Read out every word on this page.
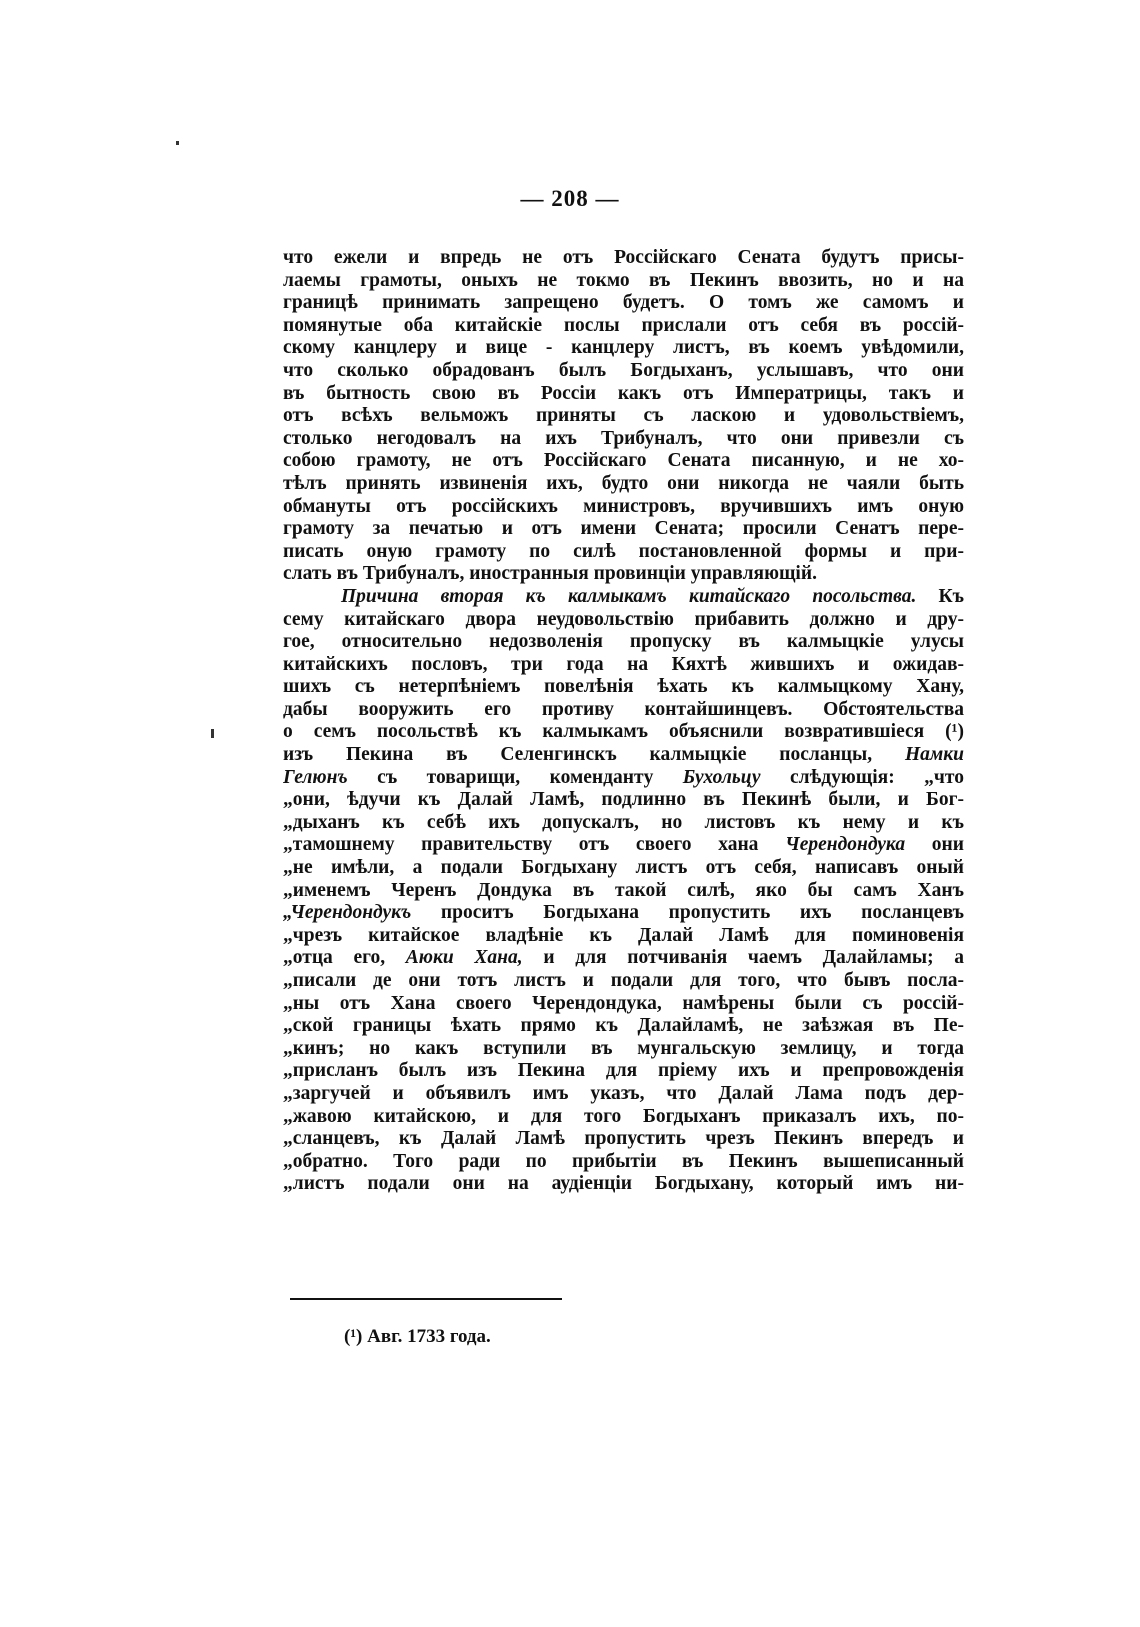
— 208 —
что ежели и впредь не отъ Россійскаго Сената будутъ присы-
лаемы грамоты, оныхъ не токмо въ Пекинъ ввозить, но и на
границѣ принимать запрещено будетъ. О томъ же самомъ и
помянутые оба китайскіе послы прислали отъ себя въ россій-
скому канцлеру и вице - канцлеру листъ, въ коемъ увѣдомили,
что сколько обрадованъ былъ Богдыханъ, услышавъ, что они
въ бытность свою въ Россіи какъ отъ Императрицы, такъ и
отъ всѣхъ вельможъ приняты съ ласкою и удовольствіемъ,
столько негодовалъ на ихъ Трибуналъ, что они привезли съ
собою грамоту, не отъ Россійскаго Сената писанную, и не хо-
тѣлъ принять извиненія ихъ, будто они никогда не чаяли быть
обмануты отъ россійскихъ министровъ, вручившихъ имъ оную
грамоту за печатью и отъ имени Сената; просили Сенатъ пере-
писать оную грамоту по силѣ постановленной формы и при-
слать въ Трибуналъ, иностранныя провинціи управляющій.
Причина вторая къ калмыкамъ китайскаго посольства. Къ
сему китайскаго двора неудовольствію прибавить должно и дру-
гое, относительно недозволенія пропуску въ калмыцкіе улусы
китайскихъ пословъ, три года на Кяхтѣ жившихъ и ожидав-
шихъ съ нетерпѣніемъ повелѣнія ѣхать къ калмыцкому Хану,
дабы вооружить его противу контайшинцевъ. Обстоятельства
о семъ посольствѣ къ калмыкамъ объяснили возвратившіеся (¹)
изъ Пекина въ Селенгинскъ калмыцкіе посланцы, Намки
Гелюнъ съ товарищи, комендантy Бухольцу слѣдующія: „что
„они, ѣдучи къ Далай Ламѣ, подлинно въ Пекинѣ были, и Бог-
„дыханъ къ себѣ ихъ допускалъ, но листовъ къ нему и къ
„тамошнему правительству отъ своего хана Черендондука они
„не имѣли, а подали Богдыхану листъ отъ себя, написавъ оный
„именемъ Черенъ Дондука въ такой силѣ, яко бы самъ Ханъ
„Черендондукъ проситъ Богдыхана пропустить ихъ посланцевъ
„чрезъ китайское владѣніе къ Далай Ламѣ для поминовенія
„отца его, Аюки Хана, и для потчиванія чаемъ Далайламы; а
„писали де они тотъ листъ и подали для того, что бывъ посла-
„ны отъ Хана своего Черендондука, намѣрены были съ россій-
„ской границы ѣхать прямо къ Далайламѣ, не заѣзжая въ Пе-
„кинъ; но какъ вступили въ мунгальскую землицу, и тогда
„присланъ былъ изъ Пекина для пріему ихъ и препровожденія
„заргучей и объявилъ имъ указъ, что Далай Лама подъ дер-
„жавою китайскою, и для того Богдыханъ приказалъ ихъ, по-
„сланцевъ, къ Далай Ламѣ пропустить чрезъ Пекинъ впередъ и
„обратно. Того ради по прибытіи въ Пекинъ вышеписанный
„листъ подали они на аудіенціи Богдыхану, который имъ ни-
(¹) Авг. 1733 года.
